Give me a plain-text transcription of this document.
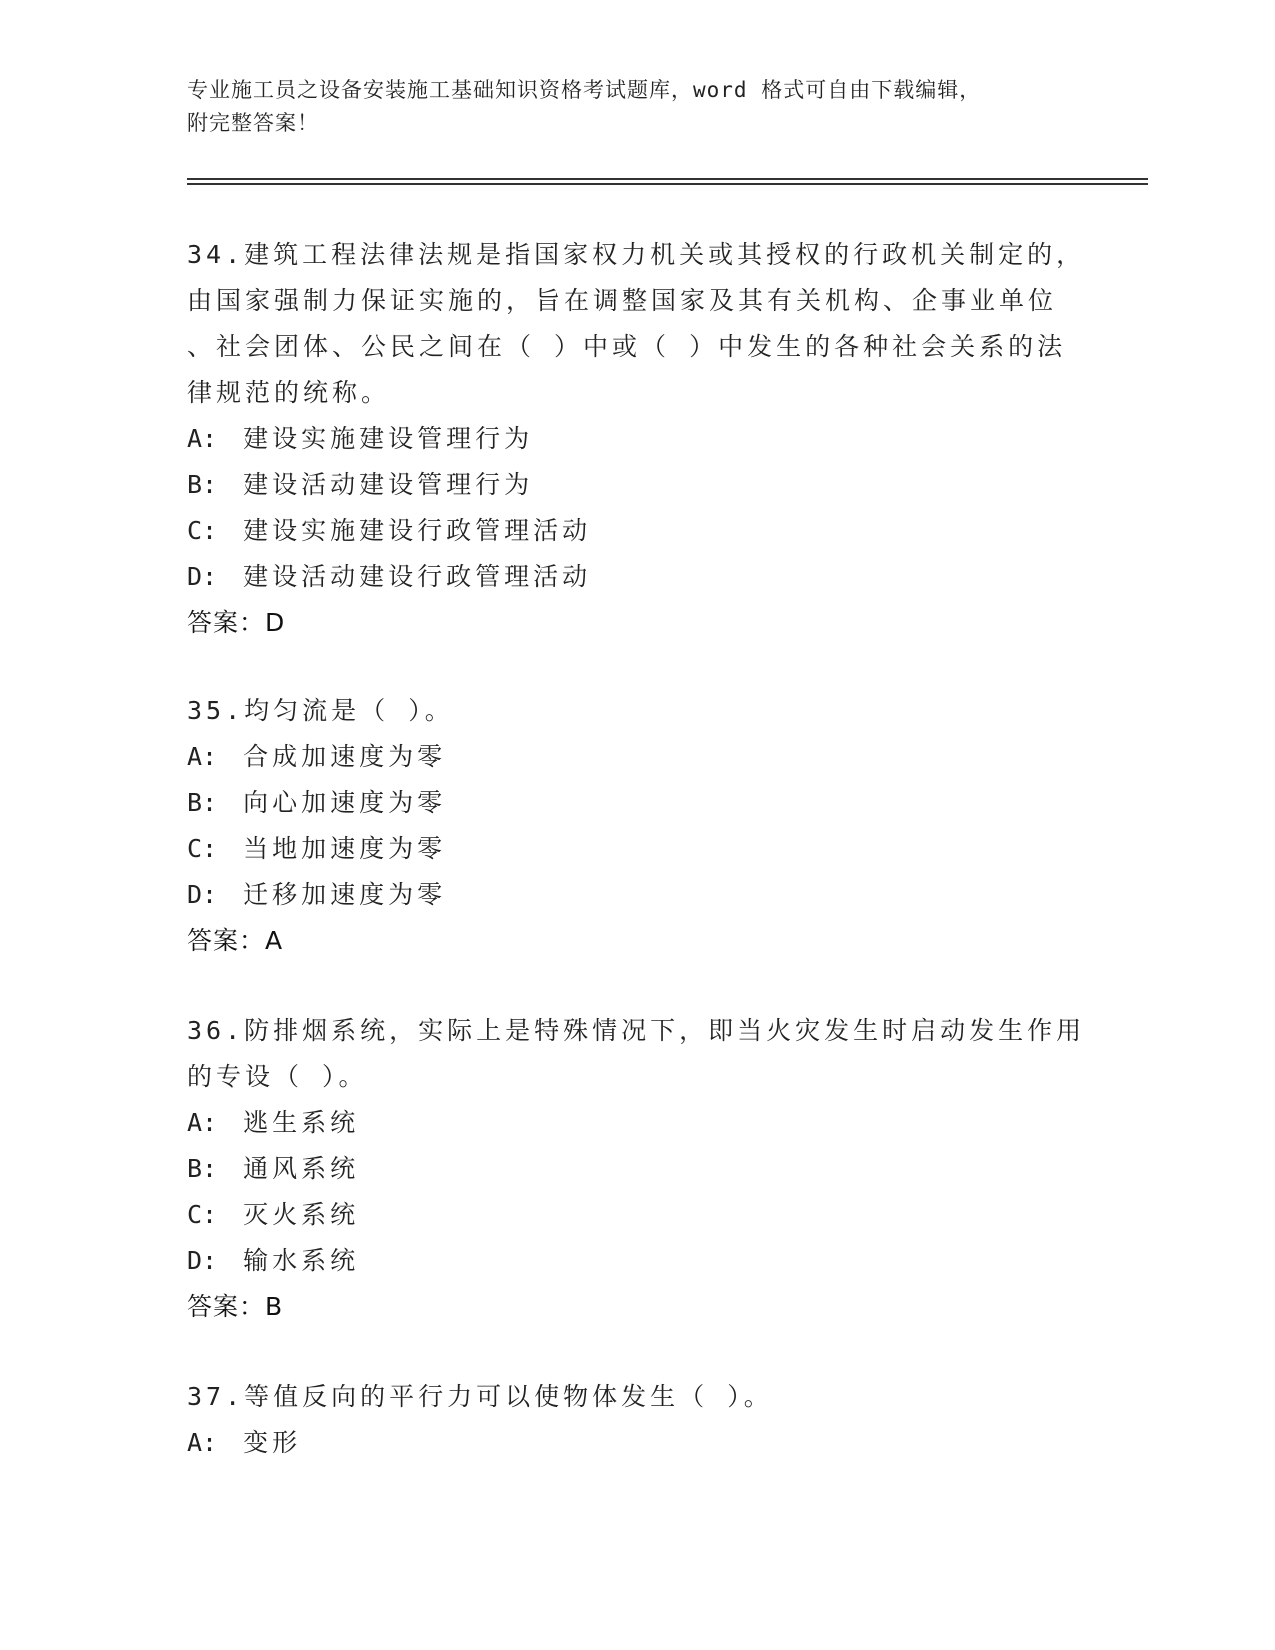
专业施工员之设备安装施工基础知识资格考试题库，word 格式可自由下载编辑，
附完整答案！
34.建筑工程法律法规是指国家权力机关或其授权的行政机关制定的，
由国家强制力保证实施的，旨在调整国家及其有关机构、企事业单位
、社会团体、公民之间在（ ）中或（ ）中发生的各种社会关系的法
律规范的统称。
A: 建设实施建设管理行为
B: 建设活动建设管理行为
C: 建设实施建设行政管理活动
D: 建设活动建设行政管理活动
答案：D
35.均匀流是（ ）。
A: 合成加速度为零
B: 向心加速度为零
C: 当地加速度为零
D: 迁移加速度为零
答案：A
36.防排烟系统，实际上是特殊情况下，即当火灾发生时启动发生作用
的专设（ ）。
A: 逃生系统
B: 通风系统
C: 灭火系统
D: 输水系统
答案：B
37.等值反向的平行力可以使物体发生（ ）。
A: 变形
